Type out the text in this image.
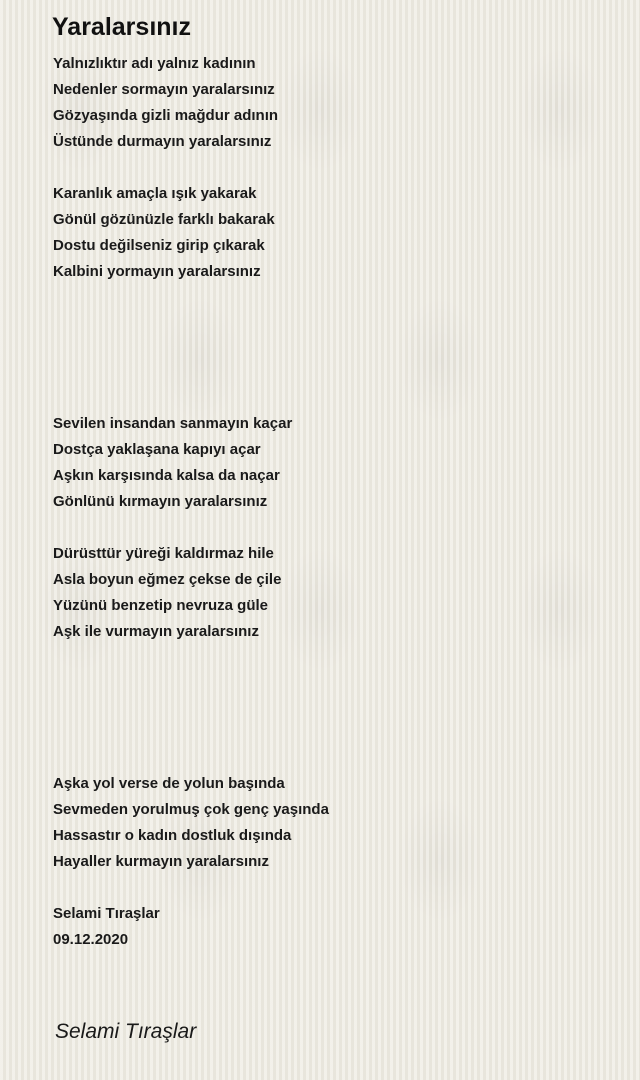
Yaralarsınız
Yalnızlıktır adı yalnız kadının
Nedenler sormayın yaralarsınız
Gözyaşında gizli mağdur adının
Üstünde durmayın yaralarsınız
Karanlık amaçla ışık yakarak
Gönül gözünüzle farklı bakarak
Dostu değilseniz girip çıkarak
Kalbini yormayın yaralarsınız
Sevilen insandan sanmayın kaçar
Dostça yaklaşana kapıyı açar
Aşkın karşısında kalsa da naçar
Gönlünü kırmayın yaralarsınız
Dürüsttür yüreği kaldırmaz hile
Asla boyun eğmez çekse de çile
Yüzünü benzetip nevruza güle
Aşk ile vurmayın yaralarsınız
Aşka yol verse de yolun başında
Sevmeden yorulmuş çok genç yaşında
Hassastır o kadın dostluk dışında
Hayaller kurmayın yaralarsınız
Selami Tıraşlar
09.12.2020
Selami Tıraşlar
